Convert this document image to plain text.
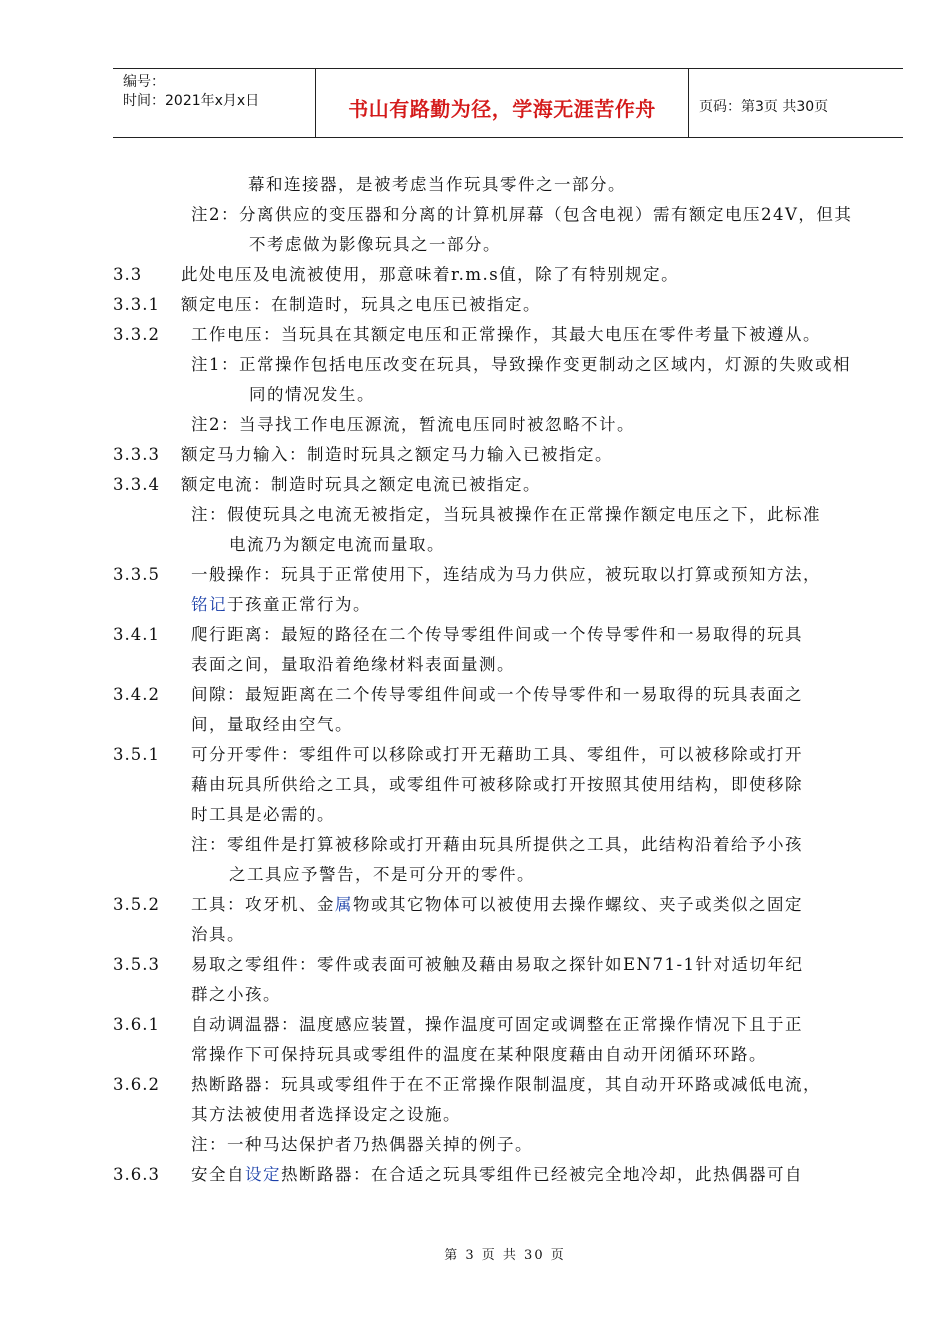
编号：
时间：2021年x月x日	书山有路勤为径，学海无涯苦作舟	页码：第3页 共30页
幕和连接器，是被考虑当作玩具零件之一部分。
注2：分离供应的变压器和分离的计算机屏幕（包含电视）需有额定电压24V，但其
不考虑做为影像玩具之一部分。
3.3	此处电压及电流被使用，那意味着r.m.s值，除了有特别规定。
3.3.1	额定电压：在制造时，玩具之电压已被指定。
3.3.2	工作电压：当玩具在其额定电压和正常操作，其最大电压在零件考量下被遵从。
注1：正常操作包括电压改变在玩具，导致操作变更制动之区域内，灯源的失败或相
同的情况发生。
注2：当寻找工作电压源流，暂流电压同时被忽略不计。
3.3.3	额定马力输入：制造时玩具之额定马力输入已被指定。
3.3.4	额定电流：制造时玩具之额定电流已被指定。
注：假使玩具之电流无被指定，当玩具被操作在正常操作额定电压之下，此标准
电流乃为额定电流而量取。
3.3.5	一般操作：玩具于正常使用下，连结成为马力供应，被玩取以打算或预知方法，
铭记于孩童正常行为。
3.4.1	爬行距离：最短的路径在二个传导零组件间或一个传导零件和一易取得的玩具
表面之间，量取沿着绝缘材料表面量测。
3.4.2	间隙：最短距离在二个传导零组件间或一个传导零件和一易取得的玩具表面之
间，量取经由空气。
3.5.1	可分开零件：零组件可以移除或打开无藉助工具、零组件，可以被移除或打开
藉由玩具所供给之工具，或零组件可被移除或打开按照其使用结构，即使移除
时工具是必需的。
注：零组件是打算被移除或打开藉由玩具所提供之工具，此结构沿着给予小孩
之工具应予警告，不是可分开的零件。
3.5.2	工具：攻牙机、金属物或其它物体可以被使用去操作螺纹、夹子或类似之固定
治具。
3.5.3	易取之零组件：零件或表面可被触及藉由易取之探针如EN71-1针对适切年纪
群之小孩。
3.6.1	自动调温器：温度感应装置，操作温度可固定或调整在正常操作情况下且于正
常操作下可保持玩具或零组件的温度在某种限度藉由自动开闭循环环路。
3.6.2	热断路器：玩具或零组件于在不正常操作限制温度，其自动开环路或减低电流，
其方法被使用者选择设定之设施。
注：一种马达保护者乃热偶器关掉的例子。
3.6.3	安全自设定热断路器：在合适之玩具零组件已经被完全地冷却，此热偶器可自
第 3 页 共 30 页
